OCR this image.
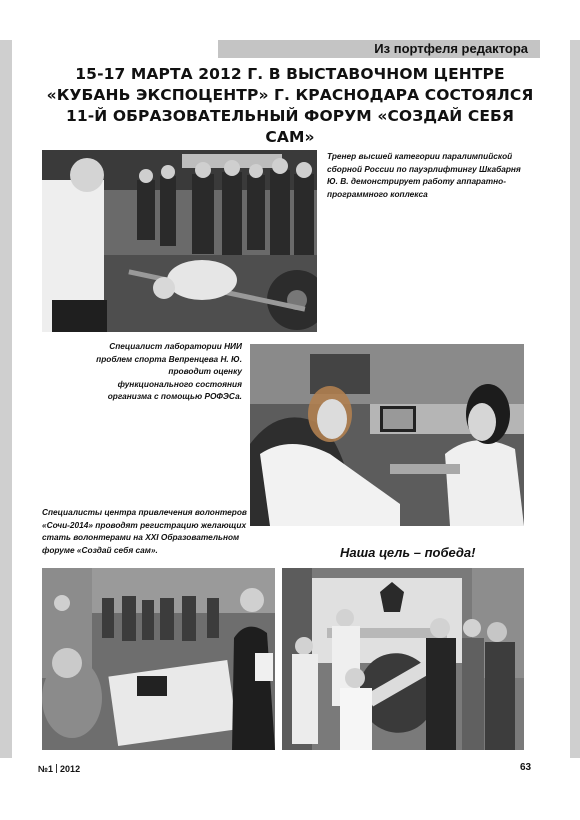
Из портфеля редактора
15-17 МАРТА 2012 Г. В ВЫСТАВОЧНОМ ЦЕНТРЕ «КУБАНЬ ЭКСПОЦЕНТР» Г. КРАСНОДАРА СОСТОЯЛСЯ 11-Й ОБРАЗОВАТЕЛЬНЫЙ ФОРУМ «СОЗДАЙ СЕБЯ САМ»
Тренер высшей категории паралимпийской сборной России по пауэрлифтингу Шкабарня Ю. В. демонстрирует работу аппаратно-программного коплекса
Специалист лаборатории НИИ проблем спорта Вепренцева Н. Ю. проводит оценку функционального состояния организма с помощью РОФЭСа.
Специалисты центра привлечения волонтеров «Сочи-2014» проводят регистрацию желающих стать волонтерами на XXI Образовательном форуме «Создай себя сам».	Наша цель – победа!
№1 2012	63
